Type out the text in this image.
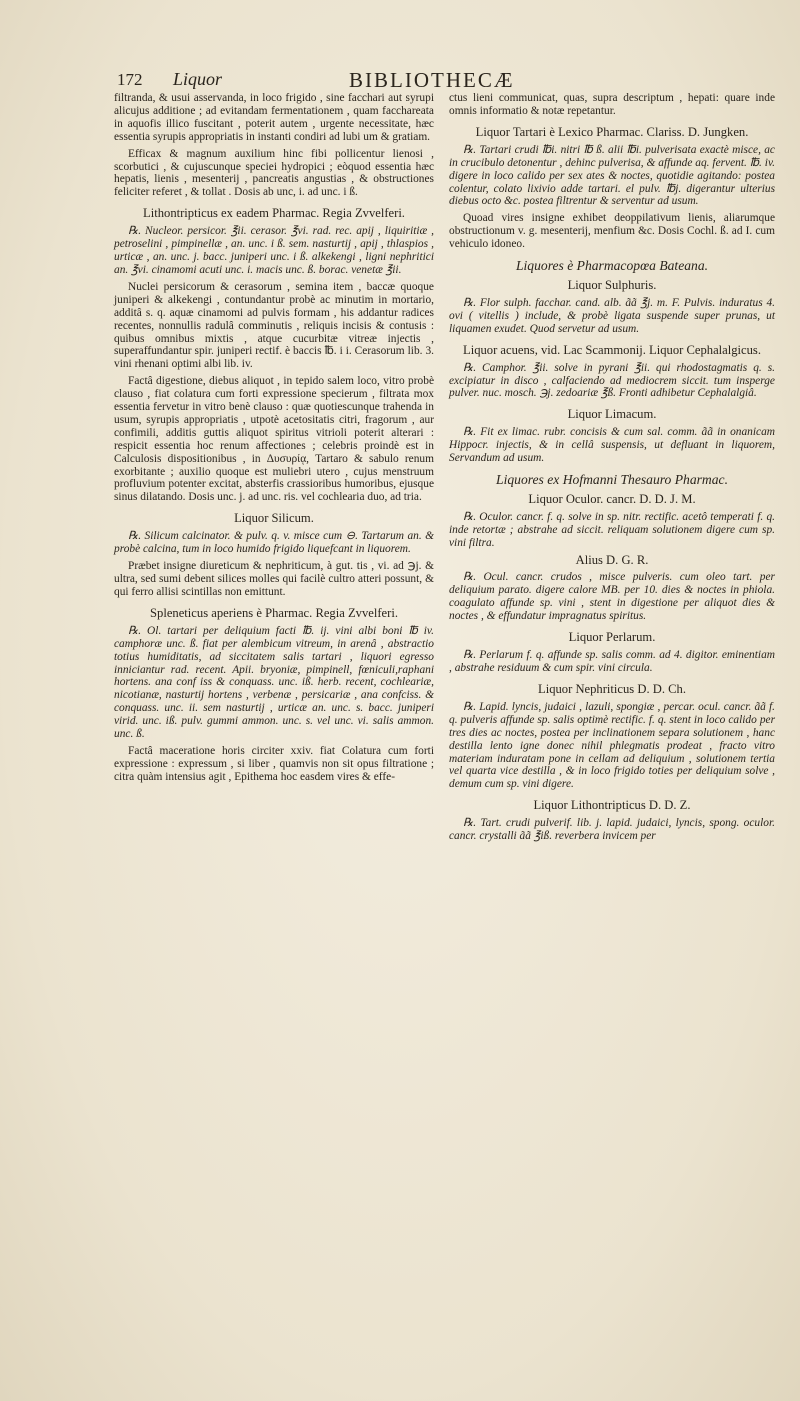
172 Liquor	BIBLIOTHECÆ

filtranda, & usui asservanda, in loco frigido , sine facchari aut syrupi alicujus additione ; ad evitandam fermentationem , quam facchareata in aquofis illico fuscitant , poterit autem , urgente necessitate, hæc essentia syrupis appropriatis in instanti condiri ad lubi um & gratiam.

Efficax & magnum auxilium hinc fibi pollicentur lienosi , scorbutici , & cujuscunque speciei hydropici ; eòquod essentia hæc hepatis, lienis , mesenterij , pancreatis angustias , & obstructiones feliciter referet , & tollat . Dosis ab unc, i. ad unc. i ß.

Lithontripticus ex eadem Pharmac. Regia Zvvelferi.

℞. Nucleor. persicor. ℥ii. cerasor. ℥vi. rad. rec. apij , liquiritiæ , petroselini , pimpinellæ , an. unc. i ß. sem. nasturtij , apij , thlaspios , urticæ , an. unc. j. bacc. juniperi unc. i ß. alkekengi , ligni nephritici an. ℥vi. cinamomi acuti unc. i. macis unc. ß. borac. venetæ ℥ii.

Nuclei persicorum & cerasorum , semina item , baccæ quoque juniperi & alkekengi , contundantur probè ac minutim in mortario, additâ s. q. aquæ cinamomi ad pulvis formam , his addantur radices recentes, nonnullis radulâ comminutis , reliquis incisis & contusis : quibus omnibus mixtis , atque cucurbitæ vitreæ injectis , superaffundantur spir. juniperi rectif. è baccis ℔. i i. Cerasorum lib. 3. vini rhenani optimi albi lib. iv.

Factâ digestione, diebus aliquot , in tepido salem loco, vitro probè clauso , fiat colatura cum forti expressione specierum , filtrata mox essentia fervetur in vitro benè clauso : quæ quotiescunque trahenda in usum, syrupis appropriatis , utpotè acetositatis citri, fragorum , aur confimili, additis guttis aliquot spiritus vitrioli poterit alterari : respicit essentia hoc renum affectiones ; celebris proindè est in Calculosis dispositionibus , in Δυσυρίᾳ, Tartaro & sabulo renum exorbitante ; auxilio quoque est muliebri utero , cujus menstruum profluvium potenter excitat, absterfis crassioribus humoribus, ejusque sinus dilatando. Dosis unc. j. ad unc. ris. vel cochlearia duo, ad tria.

Liquor Silicum.

℞. Silicum calcinator. & pulv. q. v. misce cum ⊖. Tartarum an. & probè calcina, tum in loco humido frigido liquefcant in liquorem.

Præbet insigne diureticum & nephriticum, à gut. tis , vi. ad ℈j. & ultra, sed sumi debent silices molles qui facilè cultro atteri possunt, & qui ferro allisi scintillas non emittunt.

Spleneticus aperiens è Pharmac. Regia Zvvelferi.

℞. Ol. tartari per deliquium facti ℔. ij. vini albi boni ℔ iv. camphoræ unc. ß. fiat per alembicum vitreum, in arenâ , abstractio totius humiditatis, ad siccitatem salis tartari , liquori egresso inniciantur rad. recent. Apii. bryoniæ, pimpinell, fœniculi,raphani hortens. ana conf iss & conquass. unc. iß. herb. recent, cochleariæ, nicotianæ, nasturtij hortens , verbenæ , persicariæ , ana confciss. & conquass. unc. ii. sem nasturtij , urticæ an. unc. s. bacc. juniperi virid. unc. iß. pulv. gummi ammon. unc. s. vel unc. vi. salis ammon. unc. ß.

Factâ maceratione horis circiter xxiv. fiat Colatura cum forti expressione : expressum , si liber , quamvis non sit opus filtratione ; citra quàm intensius agit , Epithema hoc easdem vires & effe-

ctus lieni communicat, quas, supra descriptum , hepati: quare inde omnis informatio & notæ repetantur.

Liquor Tartari è Lexico Pharmac. Clariss. D. Jungken.

℞. Tartari crudi ℔i. nitri ℔ ß. alii ℔i. pulverisata exactè misce, ac in crucibulo detonentur , dehinc pulverisa, & affunde aq. fervent. ℔. iv. digere in loco calido per sex ates & noctes, quotidie agitando: postea colentur, colato lixivio adde tartari. el pulv. ℔j. digerantur ulterius diebus octo &c. postea filtrentur & serventur ad usum.

Quoad vires insigne exhibet deoppilativum lienis, aliarumque obstructionum v. g. mesenterij, menfium &c. Dosis Cochl. ß. ad I. cum vehiculo idoneo.

Liquores è Pharmacopœa Bateana.
Liquor Sulphuris.

℞. Flor sulph. facchar. cand. alb. ãã ℥j. m. F. Pulvis. induratus 4. ovi ( vitellis ) include, & probè ligata suspende super prunas, ut liquamen exudet. Quod servetur ad usum.

Liquor acuens, vid. Lac Scammonij. Liquor Cephalalgicus.

℞. Camphor. ℥ii. solve in pyrani ℥ii. qui rhodostagmatis q. s. excipiatur in disco , calfaciendo ad mediocrem siccit. tum insperge pulver. nuc. mosch. ℈j. zedoariæ ℥ß. Fronti adhibetur Cephalalgiâ.

Liquor Limacum.

℞. Fit ex limac. rubr. concisis & cum sal. comm. ãã in onanicam Hippocr. injectis, & in cellâ suspensis, ut defluant in liquorem, Servandum ad usum.

Liquores ex Hofmanni Thesauro Pharmac.
Liquor Oculor. cancr. D. D. J. M.

℞. Oculor. cancr. f. q. solve in sp. nitr. rectific. acetô temperati f. q. inde retortæ ; abstrahe ad siccit. reliquam solutionem digere cum sp. vini filtra.

Alius D. G. R.

℞. Ocul. cancr. crudos , misce pulveris. cum oleo tart. per deliquium parato. digere calore MB. per 10. dies & noctes in phiola. coagulato affunde sp. vini , stent in digestione per aliquot dies & noctes , & effundatur impragnatus spiritus.

Liquor Perlarum.

℞. Perlarum f. q. affunde sp. salis comm. ad 4. digitor. eminentiam , abstrahe residuum & cum spir. vini circula.

Liquor Nephriticus D. D. Ch.

℞. Lapid. lyncis, judaici , lazuli, spongiæ , percar. ocul. cancr. ãã f. q. pulveris affunde sp. salis optimè rectific. f. q. stent in loco calido per tres dies ac noctes, postea per inclinationem separa solutionem , hanc destilla lento igne donec nihil phlegmatis prodeat , fracto vitro materiam induratam pone in cellam ad deliquium , solutionem tertia vel quarta vice destilla , & in loco frigido toties per deliquium solve , demum cum sp. vini digere.

Liquor Lithontripticus D. D. Z.

℞. Tart. crudi pulverif. lib. j. lapid. judaici, lyncis, spong. oculor. cancr. crystalli ãã ℥iß. reverbera invicem per
